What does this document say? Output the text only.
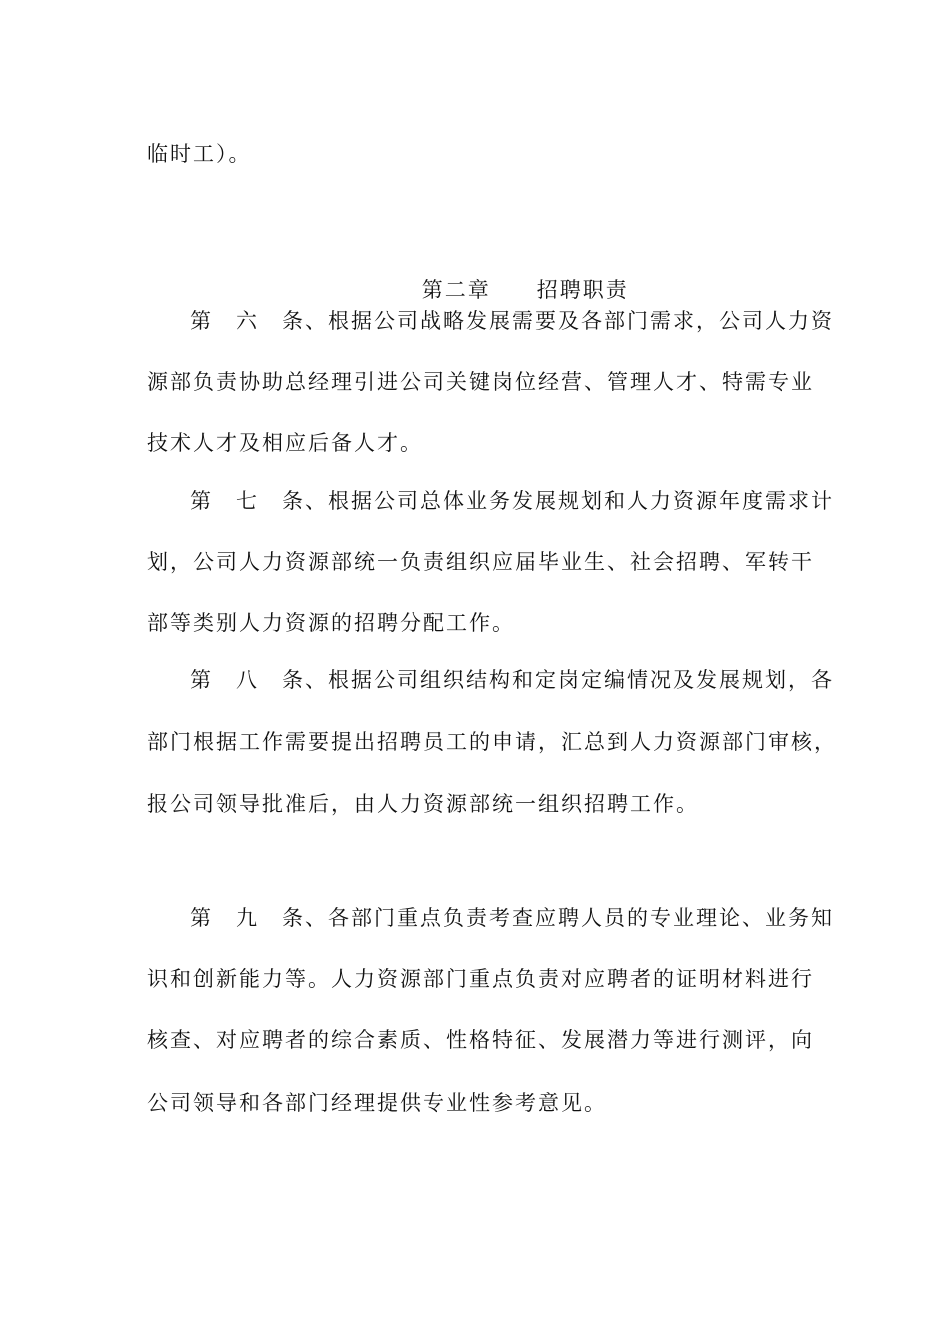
临时工）。

第二章 招聘职责

第　六　条、根据公司战略发展需要及各部门需求，公司人力资
源部负责协助总经理引进公司关键岗位经营、管理人才、特需专业
技术人才及相应后备人才。
第　七　条、根据公司总体业务发展规划和人力资源年度需求计
划，公司人力资源部统一负责组织应届毕业生、社会招聘、军转干
部等类别人力资源的招聘分配工作。
第　八　条、根据公司组织结构和定岗定编情况及发展规划，各
部门根据工作需要提出招聘员工的申请，汇总到人力资源部门审核，
报公司领导批准后，由人力资源部统一组织招聘工作。
第　九　条、各部门重点负责考查应聘人员的专业理论、业务知
识和创新能力等。人力资源部门重点负责对应聘者的证明材料进行
核查、对应聘者的综合素质、性格特征、发展潜力等进行测评，向
公司领导和各部门经理提供专业性参考意见。
